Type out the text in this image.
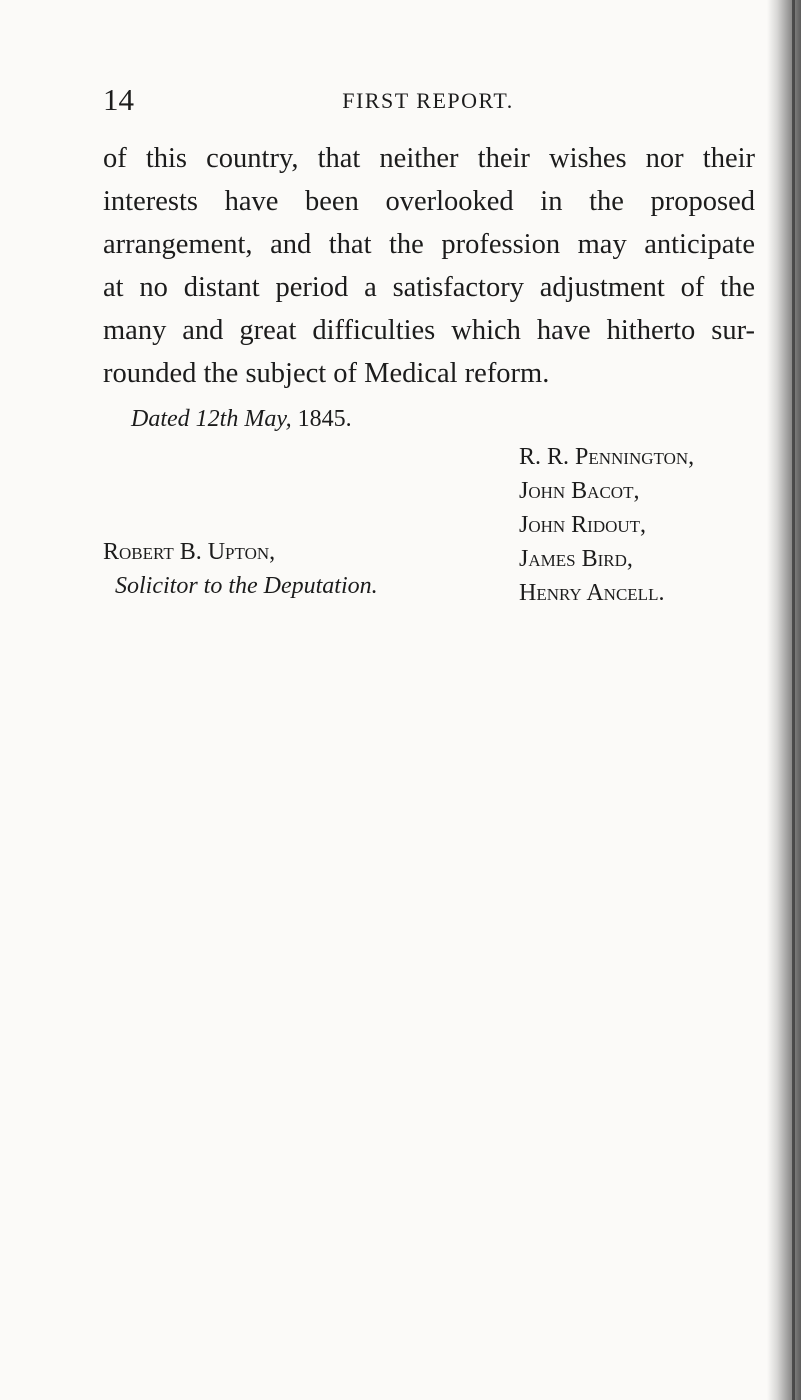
14	FIRST REPORT.

of this country, that neither their wishes nor their
interests have been overlooked in the proposed
arrangement, and that the profession may anticipate
at no distant period a satisfactory adjustment of the
many and great difficulties which have hitherto sur-
rounded the subject of Medical reform.

Dated 12th May, 1845.
R. R. Pennington,
John Bacot,
John Ridout,
James Bird,
Henry Ancell.
Robert B. Upton,
Solicitor to the Deputation.
